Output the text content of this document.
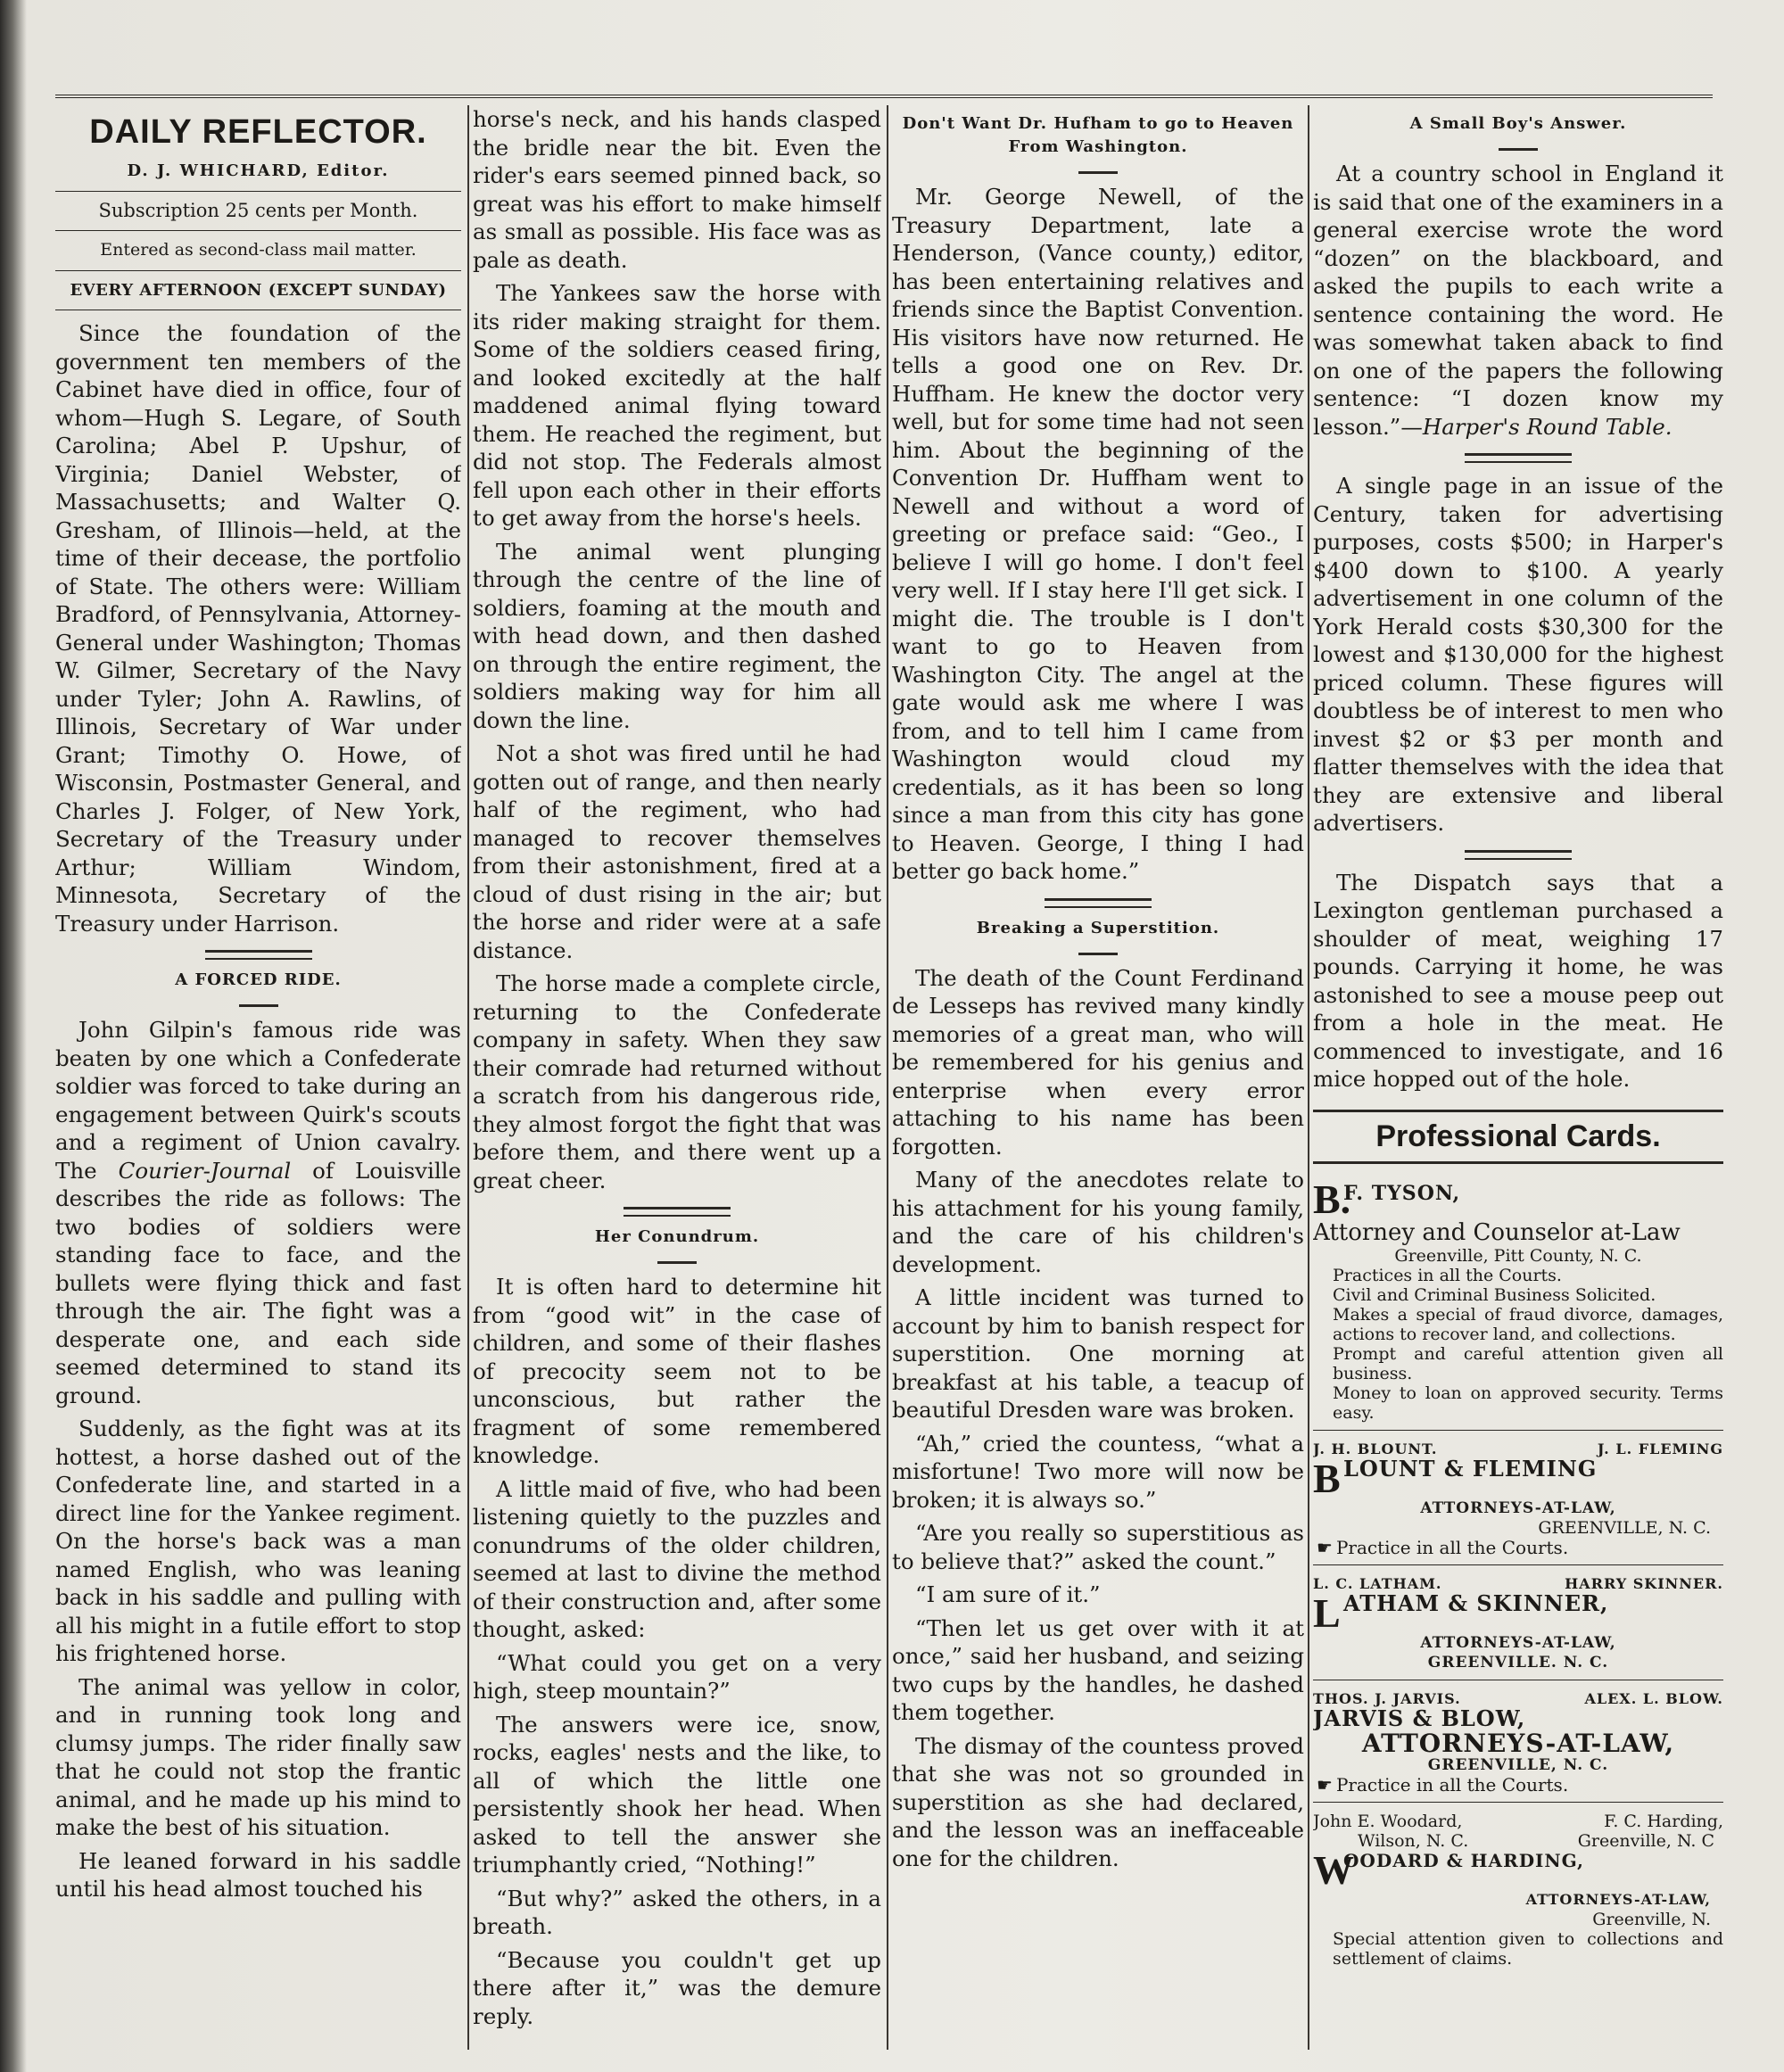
DAILY REFLECTOR.
D. J. WHICHARD, Editor.
Subscription 25 cents per Month.
Entered as second-class mail matter.
EVERY AFTERNOON (EXCEPT SUNDAY)

Since the foundation of the government ten members of the Cabinet have died in office, four of whom—Hugh S. Legare, of South Carolina; Abel P. Upshur, of Virginia; Daniel Webster, of Massachusetts; and Walter Q. Gresham, of Illinois—held, at the time of their decease, the portfolio of State. The others were: William Bradford, of Pennsylvania, Attorney-General under Washington; Thomas W. Gilmer, Secretary of the Navy under Tyler; John A. Rawlins, of Illinois, Secretary of War under Grant; Timothy O. Howe, of Wisconsin, Postmaster General, and Charles J. Folger, of New York, Secretary of the Treasury under Arthur; William Windom, Minnesota, Secretary of the Treasury under Harrison.

A FORCED RIDE.

John Gilpin's famous ride was beaten by one which a Confederate soldier was forced to take during an engagement between Quirk's scouts and a regiment of Union cavalry. The Courier-Journal of Louisville describes the ride as follows: The two bodies of soldiers were standing face to face, and the bullets were flying thick and fast through the air. The fight was a desperate one, and each side seemed determined to stand its ground.

Suddenly, as the fight was at its hottest, a horse dashed out of the Confederate line, and started in a direct line for the Yankee regiment. On the horse's back was a man named English, who was leaning back in his saddle and pulling with all his might in a futile effort to stop his frightened horse.

The animal was yellow in color, and in running took long and clumsy jumps. The rider finally saw that he could not stop the frantic animal, and he made up his mind to make the best of his situation.

He leaned forward in his saddle until his head almost touched his

horse's neck, and his hands clasped the bridle near the bit. Even the rider's ears seemed pinned back, so great was his effort to make himself as small as possible. His face was as pale as death.

The Yankees saw the horse with its rider making straight for them. Some of the soldiers ceased firing, and looked excitedly at the half maddened animal flying toward them. He reached the regiment, but did not stop. The Federals almost fell upon each other in their efforts to get away from the horse's heels.

The animal went plunging through the centre of the line of soldiers, foaming at the mouth and with head down, and then dashed on through the entire regiment, the soldiers making way for him all down the line.

Not a shot was fired until he had gotten out of range, and then nearly half of the regiment, who had managed to recover themselves from their astonishment, fired at a cloud of dust rising in the air; but the horse and rider were at a safe distance.

The horse made a complete circle, returning to the Confederate company in safety. When they saw their comrade had returned without a scratch from his dangerous ride, they almost forgot the fight that was before them, and there went up a great cheer.

Her Conundrum.

It is often hard to determine hit from “good wit” in the case of children, and some of their flashes of precocity seem not to be unconscious, but rather the fragment of some remembered knowledge.

A little maid of five, who had been listening quietly to the puzzles and conundrums of the older children, seemed at last to divine the method of their construction and, after some thought, asked:

“What could you get on a very high, steep mountain?”

The answers were ice, snow, rocks, eagles' nests and the like, to all of which the little one persistently shook her head. When asked to tell the answer she triumphantly cried, “Nothing!”

“But why?” asked the others, in a breath.

“Because you couldn't get up there after it,” was the demure reply.

Don't Want Dr. Hufham to go to Heaven From Washington.

Mr. George Newell, of the Treasury Department, late a Henderson, (Vance county,) editor, has been entertaining relatives and friends since the Baptist Convention. His visitors have now returned. He tells a good one on Rev. Dr. Huffham. He knew the doctor very well, but for some time had not seen him. About the beginning of the Convention Dr. Huffham went to Newell and without a word of greeting or preface said: “Geo., I believe I will go home. I don't feel very well. If I stay here I'll get sick. I might die. The trouble is I don't want to go to Heaven from Washington City. The angel at the gate would ask me where I was from, and to tell him I came from Washington would cloud my credentials, as it has been so long since a man from this city has gone to Heaven. George, I thing I had better go back home.”

Breaking a Superstition.

The death of the Count Ferdinand de Lesseps has revived many kindly memories of a great man, who will be remembered for his genius and enterprise when every error attaching to his name has been forgotten.

Many of the anecdotes relate to his attachment for his young family, and the care of his children's development.

A little incident was turned to account by him to banish respect for superstition. One morning at breakfast at his table, a teacup of beautiful Dresden ware was broken.

“Ah,” cried the countess, “what a misfortune! Two more will now be broken; it is always so.”

“Are you really so superstitious as to believe that?” asked the count.”

“I am sure of it.”

“Then let us get over with it at once,” said her husband, and seizing two cups by the handles, he dashed them together.

The dismay of the countess proved that she was not so grounded in superstition as she had declared, and the lesson was an ineffaceable one for the children.

A Small Boy's Answer.

At a country school in England it is said that one of the examiners in a general exercise wrote the word “dozen” on the blackboard, and asked the pupils to each write a sentence containing the word. He was somewhat taken aback to find on one of the papers the following sentence: “I dozen know my lesson.”—Harper's Round Table.

A single page in an issue of the Century, taken for advertising purposes, costs $500; in Harper's $400 down to $100. A yearly advertisement in one column of the York Herald costs $30,300 for the lowest and $130,000 for the highest priced column. These figures will doubtless be of interest to men who invest $2 or $3 per month and flatter themselves with the idea that they are extensive and liberal advertisers.

The Dispatch says that a Lexington gentleman purchased a shoulder of meat, weighing 17 pounds. Carrying it home, he was astonished to see a mouse peep out from a hole in the meat. He commenced to investigate, and 16 mice hopped out of the hole.

Professional Cards.
B.
F. TYSON,
Attorney and Counselor at-Law
Greenville, Pitt County, N. C.
Practices in all the Courts.
Civil and Criminal Business Solicited.
Makes a special of fraud divorce, damages, actions to recover land, and collections.
Prompt and careful attention given all business.
Money to loan on approved security. Terms easy.
J. H. BLOUNT.	J. L. FLEMING
B LOUNT & FLEMING
ATTORNEYS-AT-LAW,
GREENVILLE, N. C.
☛ Practice in all the Courts.
L. C. LATHAM.	HARRY SKINNER.
L ATHAM & SKINNER,
ATTORNEYS-AT-LAW,
GREENVILLE. N. C.
THOS. J. JARVIS.	ALEX. L. BLOW.
JARVIS & BLOW,
ATTORNEYS-AT-LAW,
GREENVILLE, N. C.
☛ Practice in all the Courts.
John E. Woodard,	F. C. Harding,
Wilson, N. C.	Greenville, N. C
W
OODARD & HARDING,
ATTORNEYS-AT-LAW,
Greenville, N.
Special attention given to collections and settlement of claims.
